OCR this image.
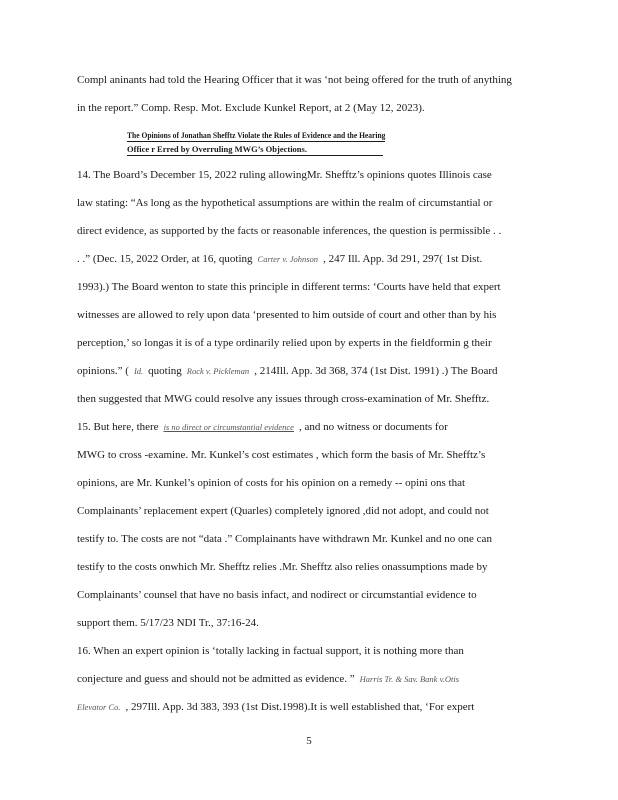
Compl aninants had told the Hearing Officer that it was ‘not being offered for the truth of anything
in the report.” Comp. Resp. Mot. Exclude Kunkel Report, at 2 (May 12, 2023).
The Opinions of Jonathan Shefftz Violate the Rules of Evidence and the Hearing
Office r Erred by Overruling MWG’s Objections.
14. The Board’s December 15, 2022 ruling allowingMr. Shefftz’s opinions quotes Illinois case
law stating: “As long as the hypothetical assumptions are within the realm of circumstantial or
direct evidence, as supported by the facts or reasonable inferences, the question is permissible . .
. .” (Dec. 15, 2022 Order, at 16, quoting Carter v. Johnson , 247 Ill. App. 3d 291, 297( 1st Dist.
1993).) The Board wenton to state this principle in different terms: ‘Courts have held that expert
witnesses are allowed to rely upon data ‘presented to him outside of court and other than by his
perception,’ so longas it is of a type ordinarily relied upon by experts in the fieldformin g their
opinions.” ( Id. quoting Rock v. Pickleman , 214Ill. App. 3d 368, 374 (1st Dist. 1991) .) The Board
then suggested that MWG could resolve any issues through cross-examination of Mr. Shefftz.
15. But here, there is no direct or circumstantial evidence , and no witness or documents for
MWG to cross -examine. Mr. Kunkel’s cost estimates , which form the basis of Mr. Shefftz’s
opinions, are Mr. Kunkel’s opinion of costs for his opinion on a remedy -- opini ons that
Complainants’ replacement expert (Quarles) completely ignored ,did not adopt, and could not
testify to. The costs are not “data .” Complainants have withdrawn Mr. Kunkel and no one can
testify to the costs onwhich Mr. Shefftz relies .Mr. Shefftz also relies onassumptions made by
Complainants’ counsel that have no basis infact, and nodirect or circumstantial evidence to
support them. 5/17/23 NDI Tr., 37:16-24.
16. When an expert opinion is ‘totally lacking in factual support, it is nothing more than
conjecture and guess and should not be admitted as evidence. ” Harris Tr. & Sav. Bank v.Otis
Elevator Co. , 297Ill. App. 3d 383, 393 (1st Dist.1998).It is well established that, ‘For expert
5
